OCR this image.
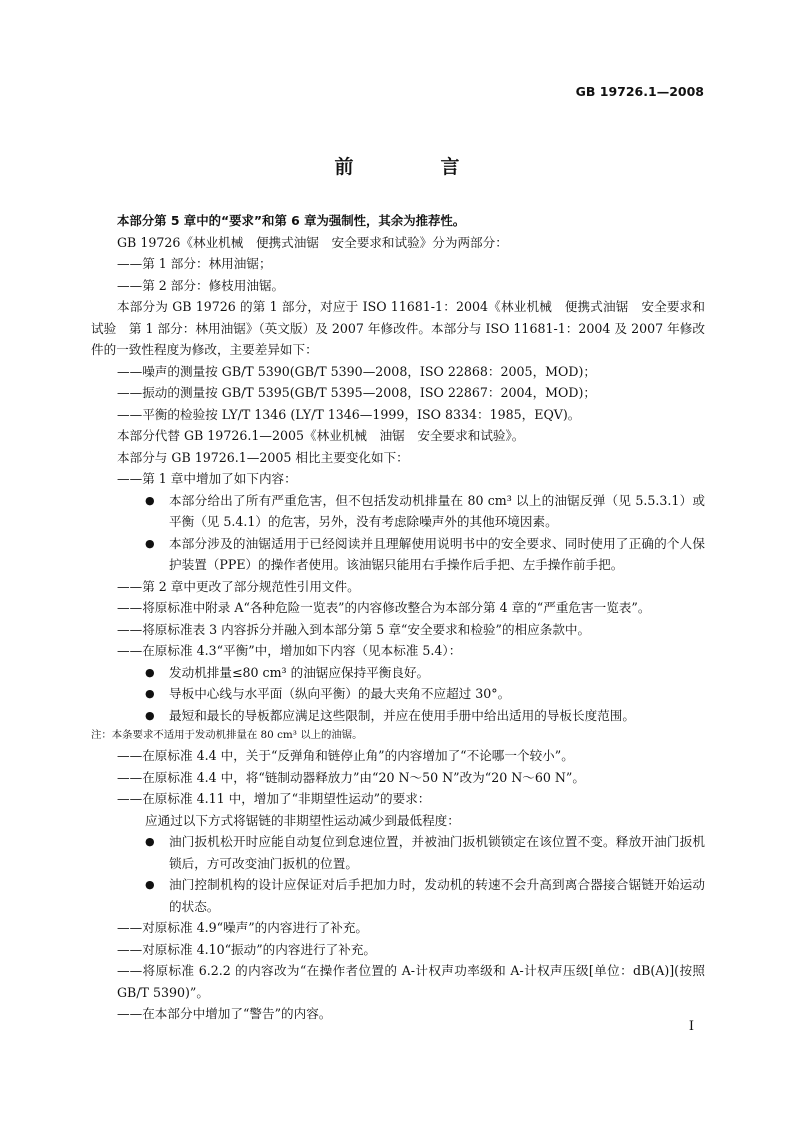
GB 19726.1—2008
前　言
本部分第 5 章中的“要求”和第 6 章为强制性，其余为推荐性。
GB 19726《林业机械　便携式油锯　安全要求和试验》分为两部分：
——第 1 部分：林用油锯；
——第 2 部分：修枝用油锯。
本部分为 GB 19726 的第 1 部分，对应于 ISO 11681-1：2004《林业机械　便携式油锯　安全要求和试验　第 1 部分：林用油锯》（英文版）及 2007 年修改件。本部分与 ISO 11681-1：2004 及 2007 年修改件的一致性程度为修改，主要差异如下：
——噪声的测量按 GB/T 5390(GB/T 5390—2008，ISO 22868：2005，MOD)；
——振动的测量按 GB/T 5395(GB/T 5395—2008，ISO 22867：2004，MOD)；
——平衡的检验按 LY/T 1346 (LY/T 1346—1999，ISO 8334：1985，EQV)。
本部分代替 GB 19726.1—2005《林业机械　油锯　安全要求和试验》。
本部分与 GB 19726.1—2005 相比主要变化如下：
——第 1 章中增加了如下内容：
●	本部分给出了所有严重危害，但不包括发动机排量在 80 cm³ 以上的油锯反弹（见 5.5.3.1）或平衡（见 5.4.1）的危害，另外，没有考虑除噪声外的其他环境因素。
●	本部分涉及的油锯适用于已经阅读并且理解使用说明书中的安全要求、同时使用了正确的个人保护装置（PPE）的操作者使用。该油锯只能用右手操作后手把、左手操作前手把。
——第 2 章中更改了部分规范性引用文件。
——将原标准中附录 A“各种危险一览表”的内容修改整合为本部分第 4 章的“严重危害一览表”。
——将原标准表 3 内容拆分并融入到本部分第 5 章“安全要求和检验”的相应条款中。
——在原标准 4.3“平衡”中，增加如下内容（见本标准 5.4）：
●	发动机排量≤80 cm³ 的油锯应保持平衡良好。
●	导板中心线与水平面（纵向平衡）的最大夹角不应超过 30°。
●	最短和最长的导板都应满足这些限制，并应在使用手册中给出适用的导板长度范围。
注：本条要求不适用于发动机排量在 80 cm³ 以上的油锯。
——在原标准 4.4 中，关于“反弹角和链停止角”的内容增加了“不论哪一个较小”。
——在原标准 4.4 中，将“链制动器释放力”由“20 N～50 N”改为“20 N～60 N”。
——在原标准 4.11 中，增加了“非期望性运动”的要求：
应通过以下方式将锯链的非期望性运动减少到最低程度：
●	油门扳机松开时应能自动复位到怠速位置，并被油门扳机锁锁定在该位置不变。释放开油门扳机锁后，方可改变油门扳机的位置。
●	油门控制机构的设计应保证对后手把加力时，发动机的转速不会升高到离合器接合锯链开始运动的状态。
——对原标准 4.9“噪声”的内容进行了补充。
——对原标准 4.10“振动”的内容进行了补充。
——将原标准 6.2.2 的内容改为“在操作者位置的 A-计权声功率级和 A-计权声压级[单位：dB(A)](按照 GB/T 5390)”。
——在本部分中增加了“警告”的内容。
I
